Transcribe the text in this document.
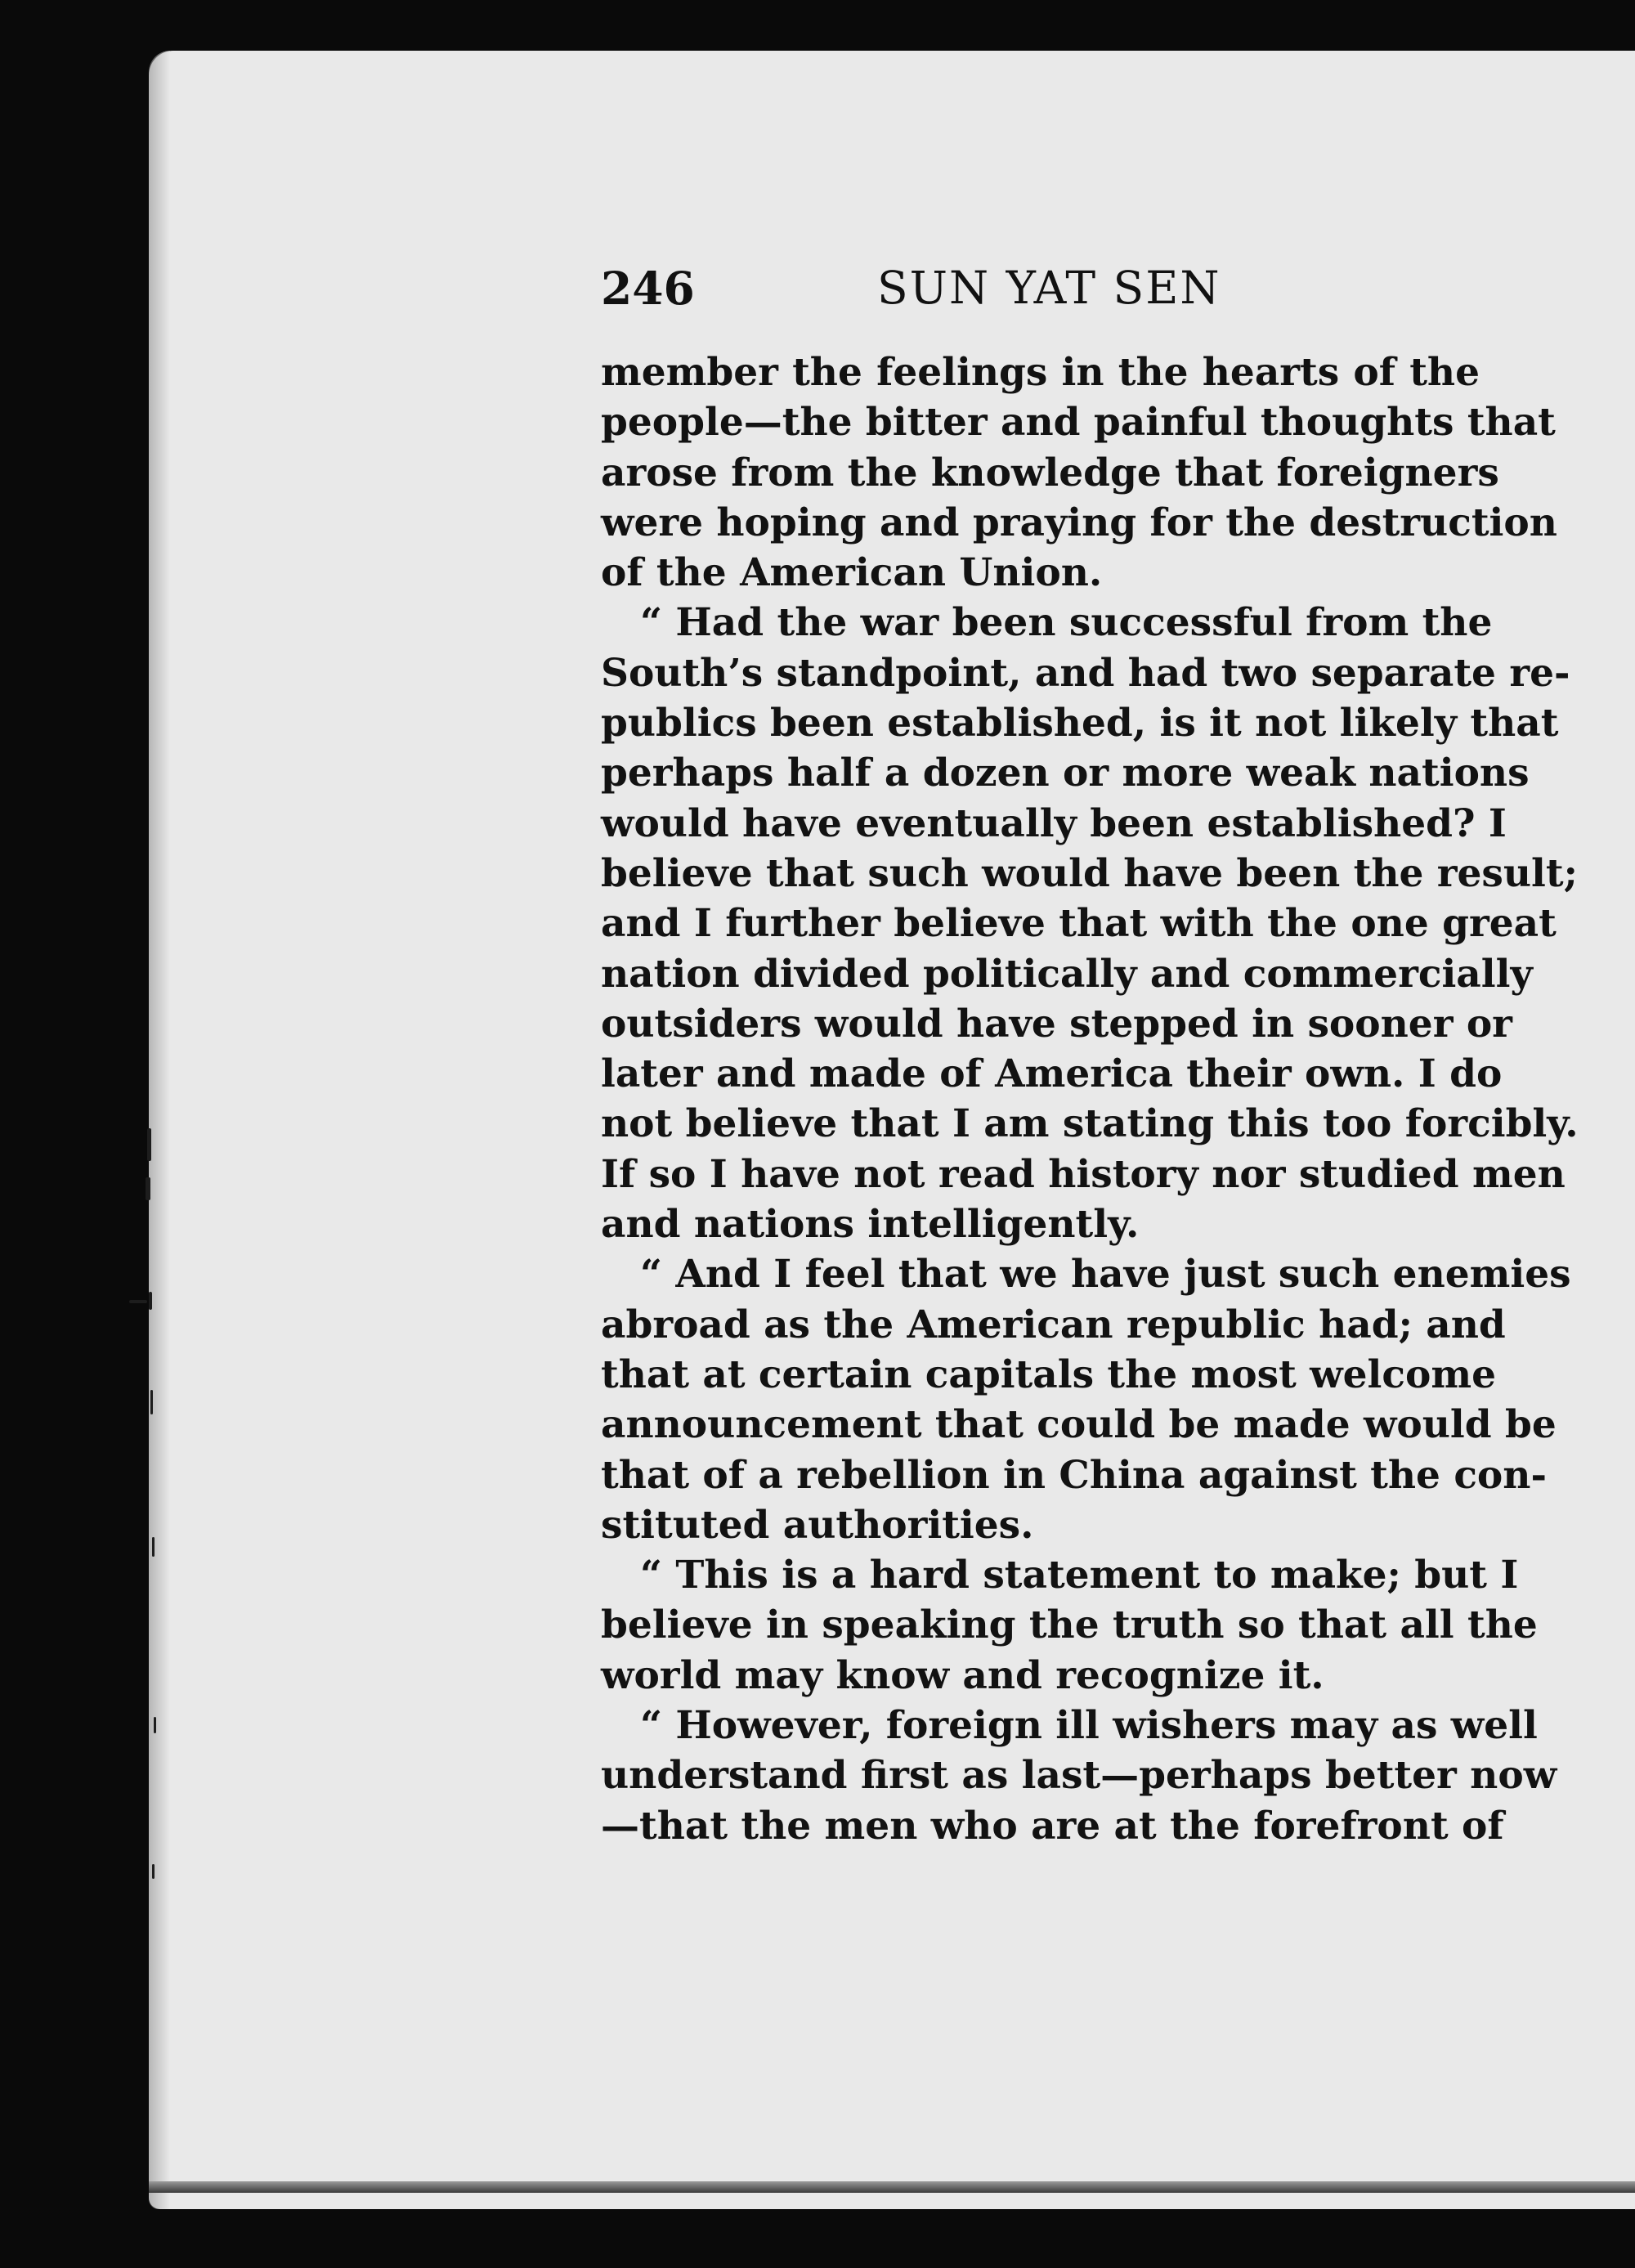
246	SUN YAT SEN
member the feelings in the hearts of the
people—the bitter and painful thoughts that
arose from the knowledge that foreigners
were hoping and praying for the destruction
of the American Union.
“ Had the war been successful from the
South’s standpoint, and had two separate re-
publics been established, is it not likely that
perhaps half a dozen or more weak nations
would have eventually been established? I
believe that such would have been the result;
and I further believe that with the one great
nation divided politically and commercially
outsiders would have stepped in sooner or
later and made of America their own. I do
not believe that I am stating this too forcibly.
If so I have not read history nor studied men
and nations intelligently.
“ And I feel that we have just such enemies
abroad as the American republic had; and
that at certain capitals the most welcome
announcement that could be made would be
that of a rebellion in China against the con-
stituted authorities.
“ This is a hard statement to make; but I
believe in speaking the truth so that all the
world may know and recognize it.
“ However, foreign ill wishers may as well
understand first as last—perhaps better now
—that the men who are at the forefront of
